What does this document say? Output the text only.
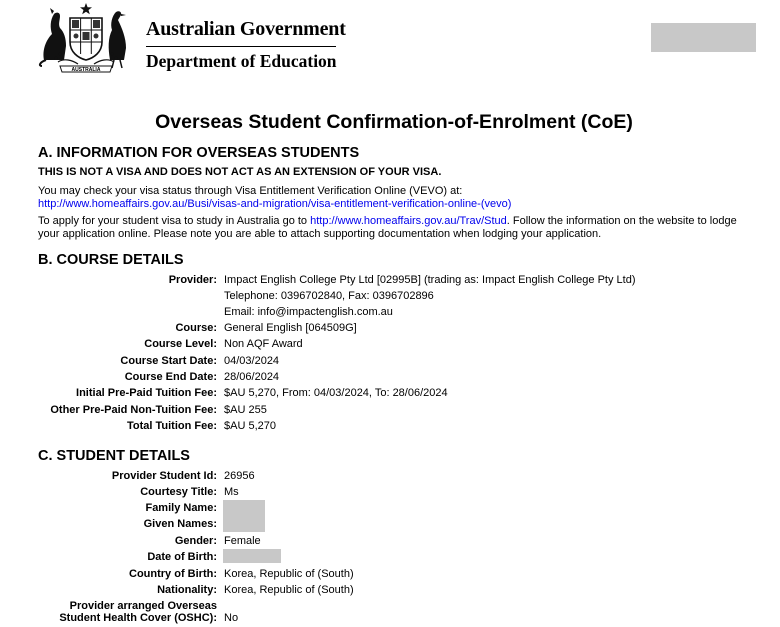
AUSTRALIA
Australian Government
Department of Education
Overseas Student Confirmation-of-Enrolment (CoE)
A. INFORMATION FOR OVERSEAS STUDENTS
THIS IS NOT A VISA AND DOES NOT ACT AS AN EXTENSION OF YOUR VISA.
You may check your visa status through Visa Entitlement Verification Online (VEVO) at:
http://www.homeaffairs.gov.au/Busi/visas-and-migration/visa-entitlement-verification-online-(vevo)
To apply for your student visa to study in Australia go to http://www.homeaffairs.gov.au/Trav/Stud. Follow the information on the website to lodge your application online. Please note you are able to attach supporting documentation when lodging your application.
B. COURSE DETAILS
Provider: Impact English College Pty Ltd [02995B] (trading as: Impact English College Pty Ltd)
Telephone: 0396702840, Fax: 0396702896
Email: info@impactenglish.com.au
Course: General English [064509G]
Course Level: Non AQF Award
Course Start Date: 04/03/2024
Course End Date: 28/06/2024
Initial Pre-Paid Tuition Fee: $AU 5,270, From: 04/03/2024, To: 28/06/2024
Other Pre-Paid Non-Tuition Fee: $AU 255
Total Tuition Fee: $AU 5,270
C. STUDENT DETAILS
Provider Student Id: 26956
Courtesy Title: Ms
Family Name:
Given Names:
Gender: Female
Date of Birth:
Country of Birth: Korea, Republic of (South)
Nationality: Korea, Republic of (South)
Provider arranged Overseas
Student Health Cover (OSHC): No
